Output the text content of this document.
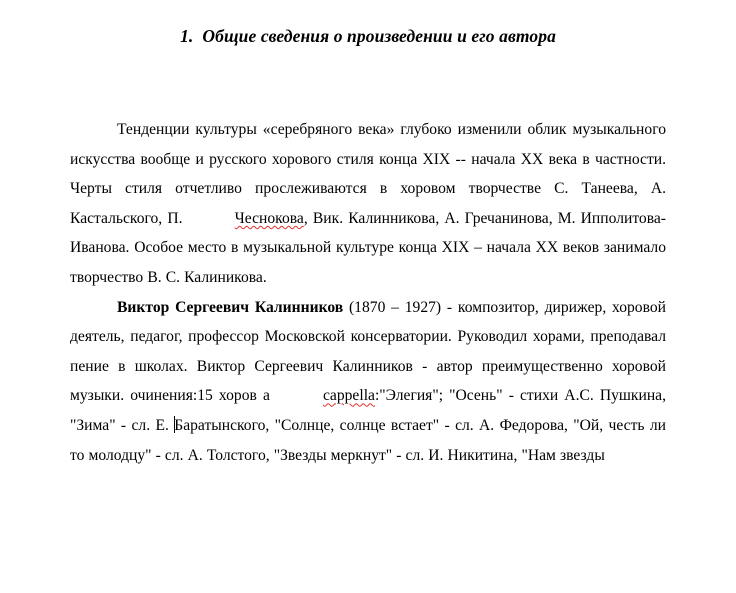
1. Общие сведения о произведении и его автора

Тенденции культуры «серебряного века» глубоко изменили облик музыкального искусства вообще и русского хорового стиля конца XIX -- начала XX века в частности. Черты стиля отчетливо прослеживаются в хоровом творчестве С. Танеева, А. Кастальского, П.	Чеснокова, Вик. Калинникова, А. Гречанинова, М. Ипполитова-Иванова. Особое место в музыкальной культуре конца XIX – начала XX веков занимало творчество В. С. Калиникова.

Виктор Сергеевич Калинников (1870 – 1927) - композитор, дирижер, хоровой деятель, педагог, профессор Московской консерватории. Руководил хорами, преподавал пение в школах. Виктор Сергеевич Калинников - автор преимущественно хоровой музыки. очинения:15 хоров а	cappella:"Элегия"; "Осень" - стихи А.С. Пушкина, "Зима" - сл. Е. Баратынского, "Солнце, солнце встает" - сл. А. Федорова, "Ой, честь ли то молодцу" - сл. А. Толстого, "Звезды меркнут" - сл. И. Никитина, "Нам звезды
